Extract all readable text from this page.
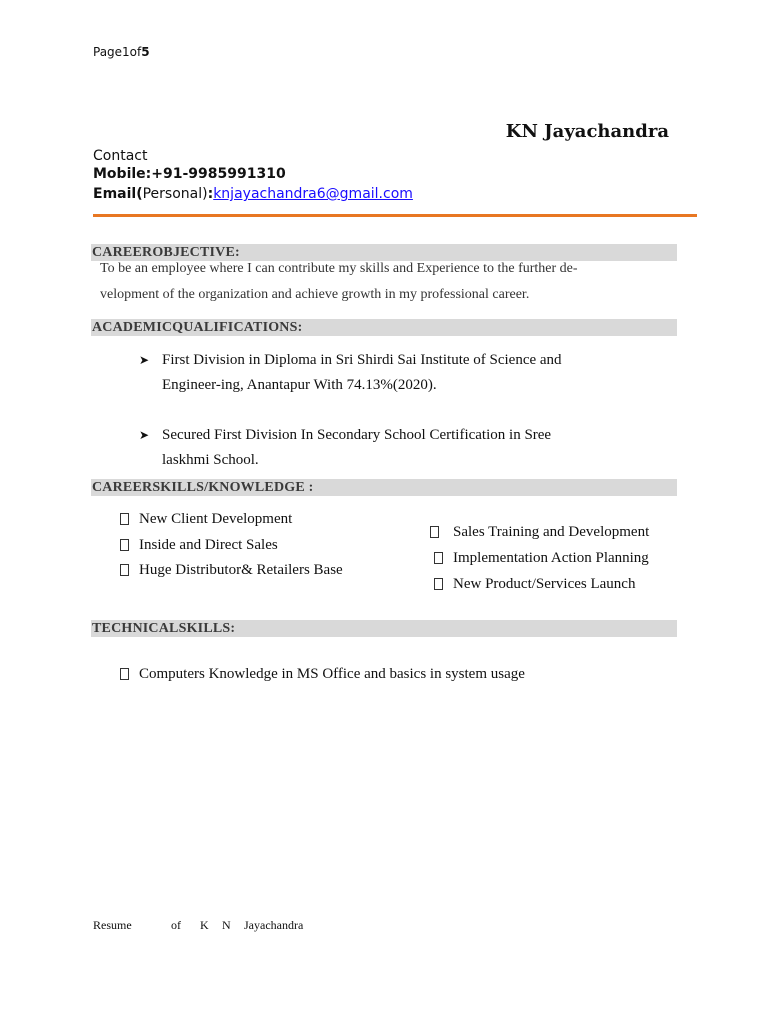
Page1of5
KN Jayachandra
Contact
Mobile:+91-9985991310
Email(Personal):knjayachandra6@gmail.com
CAREEROBJECTIVE:
To be an employee where I can contribute my skills and Experience to the further de-
velopment of the organization and achieve growth in my professional career.
ACADEMICQUALIFICATIONS:
➤ First Division in Diploma in Sri Shirdi Sai Institute of Science and
Engineer-ing, Anantapur With 74.13%(2020).
➤ Secured First Division In Secondary School Certification in Sree
laskhmi School.
CAREERSKILLS/KNOWLEDGE :
New Client Development
Inside and Direct Sales
Huge Distributor& Retailers Base
Sales Training and Development
Implementation Action Planning
New Product/Services Launch
TECHNICALSKILLS:
Computers Knowledge in MS Office and basics in system usage
Resume	of K N Jayachandra
